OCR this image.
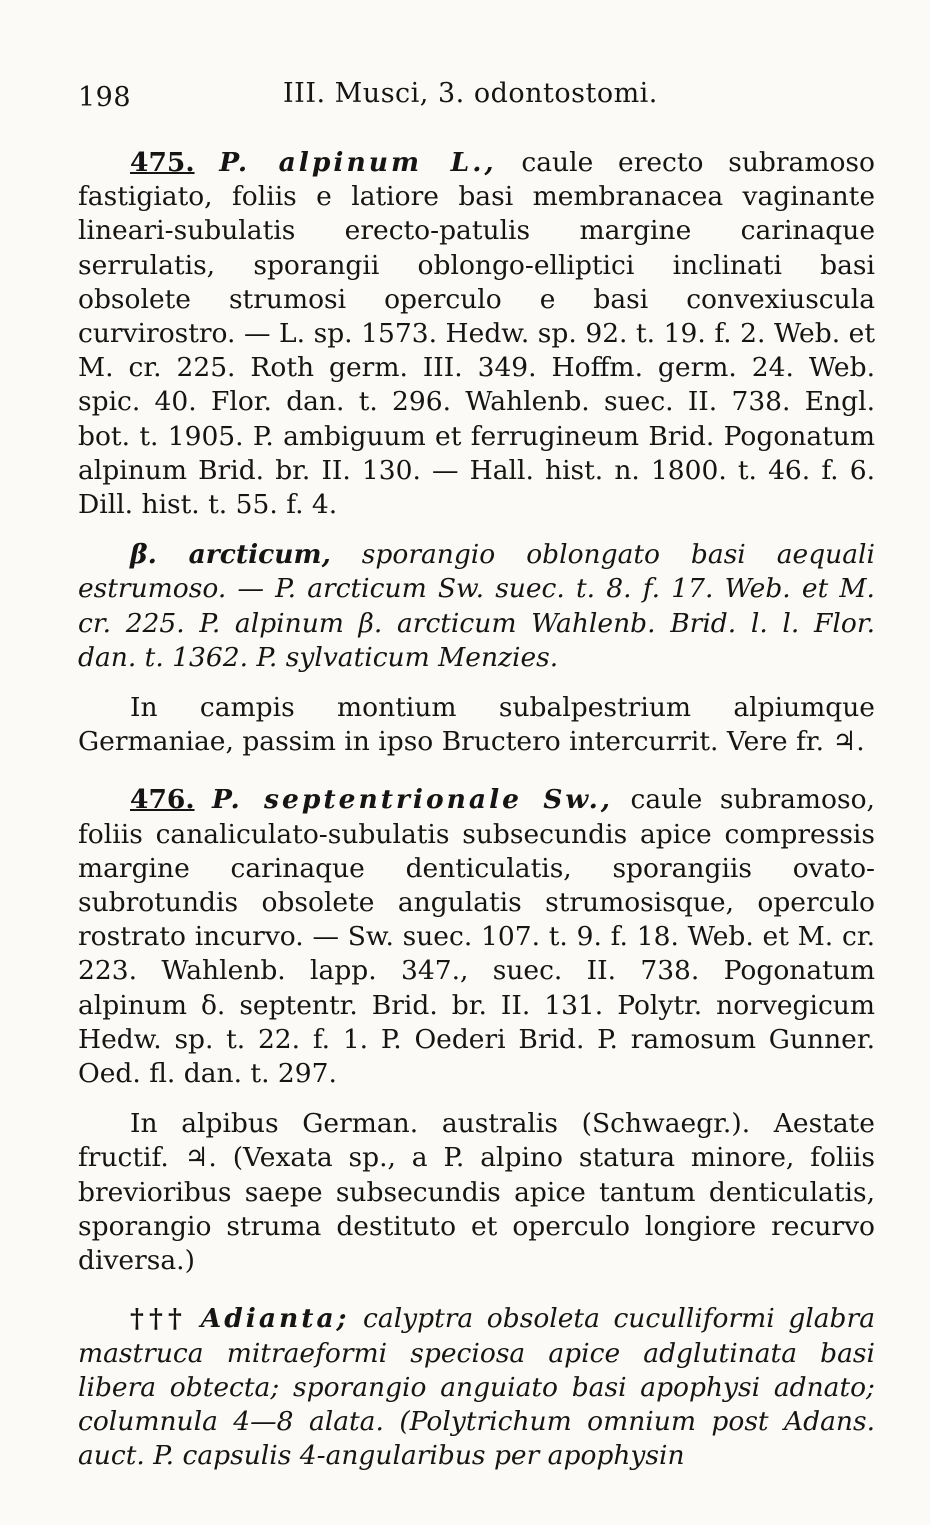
198	III. Musci, 3. odontostomi.

475. P. alpinum L., caule erecto subramoso fastigiato, foliis e latiore basi membranacea vaginante lineari-subulatis erecto-patulis margine carinaque serrulatis, sporangii oblongo-elliptici inclinati basi obsolete strumosi operculo e basi convexiuscula curvirostro. — L. sp. 1573. Hedw. sp. 92. t. 19. f. 2. Web. et M. cr. 225. Roth germ. III. 349. Hoffm. germ. 24. Web. spic. 40. Flor. dan. t. 296. Wahlenb. suec. II. 738. Engl. bot. t. 1905. P. ambiguum et ferrugineum Brid. Pogonatum alpinum Brid. br. II. 130. — Hall. hist. n. 1800. t. 46. f. 6. Dill. hist. t. 55. f. 4.

β. arcticum, sporangio oblongato basi aequali estrumoso. — P. arcticum Sw. suec. t. 8. f. 17. Web. et M. cr. 225. P. alpinum β. arcticum Wahlenb. Brid. l. l. Flor. dan. t. 1362. P. sylvaticum Menzies.

In campis montium subalpestrium alpiumque Germaniae, passim in ipso Bructero intercurrit. Vere fr. ♃.

476. P. septentrionale Sw., caule subramoso, foliis canaliculato-subulatis subsecundis apice compressis margine carinaque denticulatis, sporangiis ovato-subrotundis obsolete angulatis strumosisque, operculo rostrato incurvo. — Sw. suec. 107. t. 9. f. 18. Web. et M. cr. 223. Wahlenb. lapp. 347., suec. II. 738. Pogonatum alpinum δ. septentr. Brid. br. II. 131. Polytr. norvegicum Hedw. sp. t. 22. f. 1. P. Oederi Brid. P. ramosum Gunner. Oed. fl. dan. t. 297.

In alpibus German. australis (Schwaegr.). Aestate fructif. ♃. (Vexata sp., a P. alpino statura minore, foliis brevioribus saepe subsecundis apice tantum denticulatis, sporangio struma destituto et operculo longiore recurvo diversa.)

††† Adianta; calyptra obsoleta cuculliformi glabra mastruca mitraeformi speciosa apice adglutinata basi libera obtecta; sporangio anguiato basi apophysi adnato; columnula 4—8 alata. (Polytrichum omnium post Adans. auct. P. capsulis 4-angularibus per apophysin
